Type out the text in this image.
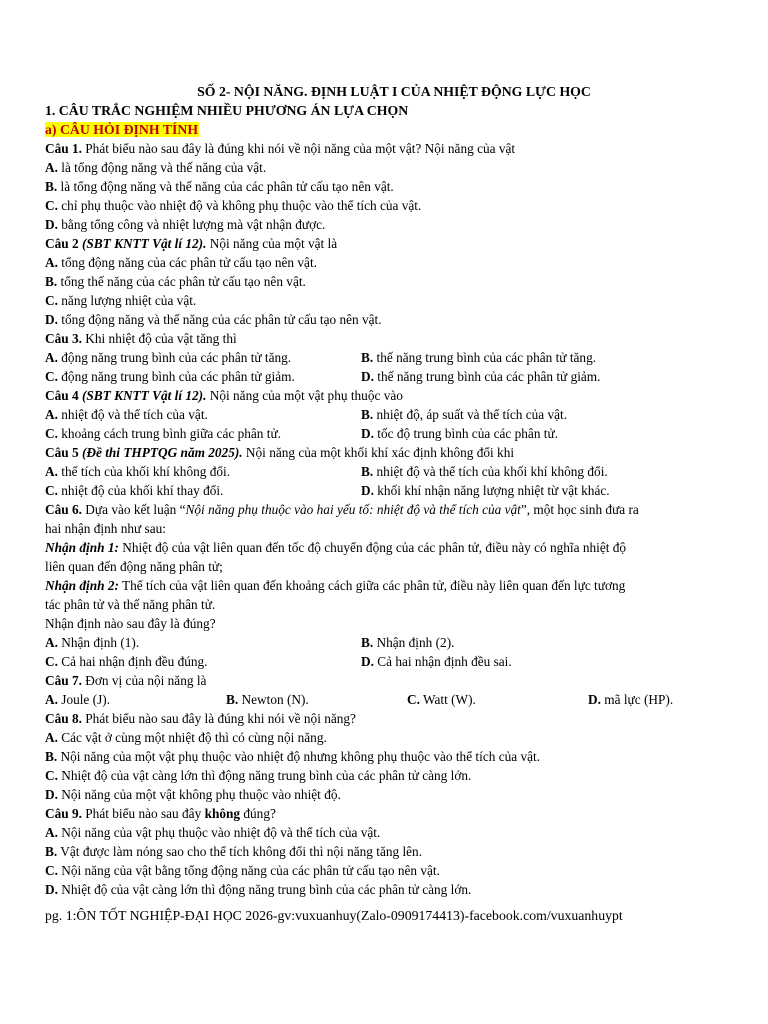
SỐ 2- NỘI NĂNG. ĐỊNH LUẬT I CỦA NHIỆT ĐỘNG LỰC HỌC
1. CÂU TRẮC NGHIỆM NHIỀU PHƯƠNG ÁN LỰA CHỌN
a) CÂU HỎI ĐỊNH TÍNH
Câu 1. Phát biểu nào sau đây là đúng khi nói về nội năng của một vật? Nội năng của vật
A. là tổng động năng và thế năng của vật.
B. là tổng động năng và thế năng của các phân tử cấu tạo nên vật.
C. chỉ phụ thuộc vào nhiệt độ và không phụ thuộc vào thể tích của vật.
D. bằng tổng công và nhiệt lượng mà vật nhận được.
Câu 2 (SBT KNTT Vật lí 12). Nội năng của một vật là
A. tổng động năng của các phân tử cấu tạo nên vật.
B. tổng thế năng của các phân tử cấu tạo nên vật.
C. năng lượng nhiệt của vật.
D. tổng động năng và thế năng của các phân tử cấu tạo nên vật.
Câu 3. Khi nhiệt độ của vật tăng thì
A. động năng trung bình của các phân tử tăng.	B. thế năng trung bình của các phân tử tăng.
C. động năng trung bình của các phân tử giảm.	D. thế năng trung bình của các phân tử giảm.
Câu 4 (SBT KNTT Vật lí 12). Nội năng của một vật phụ thuộc vào
A. nhiệt độ và thể tích của vật.	B. nhiệt độ, áp suất và thể tích của vật.
C. khoảng cách trung bình giữa các phân tử.	D. tốc độ trung bình của các phân tử.
Câu 5 (Đề thi THPTQG năm 2025). Nội năng của một khối khí xác định không đổi khi
A. thể tích của khối khí không đổi.	B. nhiệt độ và thể tích của khối khí không đổi.
C. nhiệt độ của khối khí thay đổi.	D. khối khí nhận năng lượng nhiệt từ vật khác.
Câu 6. Dựa vào kết luận “Nội năng phụ thuộc vào hai yếu tố: nhiệt độ và thể tích của vật”, một học sinh đưa ra
hai nhận định như sau:
Nhận định 1: Nhiệt độ của vật liên quan đến tốc độ chuyển động của các phân tử, điều này có nghĩa nhiệt độ
liên quan đến động năng phân tử;
Nhận định 2: Thể tích của vật liên quan đến khoảng cách giữa các phân tử, điều này liên quan đến lực tương
tác phân tử và thế năng phân tử.
Nhận định nào sau đây là đúng?
A. Nhận định (1).	B. Nhận định (2).
C. Cả hai nhận định đều đúng.	D. Cả hai nhận định đều sai.
Câu 7. Đơn vị của nội năng là
A. Joule (J).	B. Newton (N).	C. Watt (W).	D. mã lực (HP).
Câu 8. Phát biểu nào sau đây là đúng khi nói về nội năng?
A. Các vật ở cùng một nhiệt độ thì có cùng nội năng.
B. Nội năng của một vật phụ thuộc vào nhiệt độ nhưng không phụ thuộc vào thể tích của vật.
C. Nhiệt độ của vật càng lớn thì động năng trung bình của các phân tử càng lớn.
D. Nội năng của một vật không phụ thuộc vào nhiệt độ.
Câu 9. Phát biểu nào sau đây không đúng?
A. Nội năng của vật phụ thuộc vào nhiệt độ và thể tích của vật.
B. Vật được làm nóng sao cho thể tích không đổi thì nội năng tăng lên.
C. Nội năng của vật bằng tổng động năng của các phân tử cấu tạo nên vật.
D. Nhiệt độ của vật càng lớn thì động năng trung bình của các phân tử càng lớn.
pg. 1:ÔN TỐT NGHIỆP-ĐẠI HỌC 2026-gv:vuxuanhuy(Zalo-0909174413)-facebook.com/vuxuanhuypt
